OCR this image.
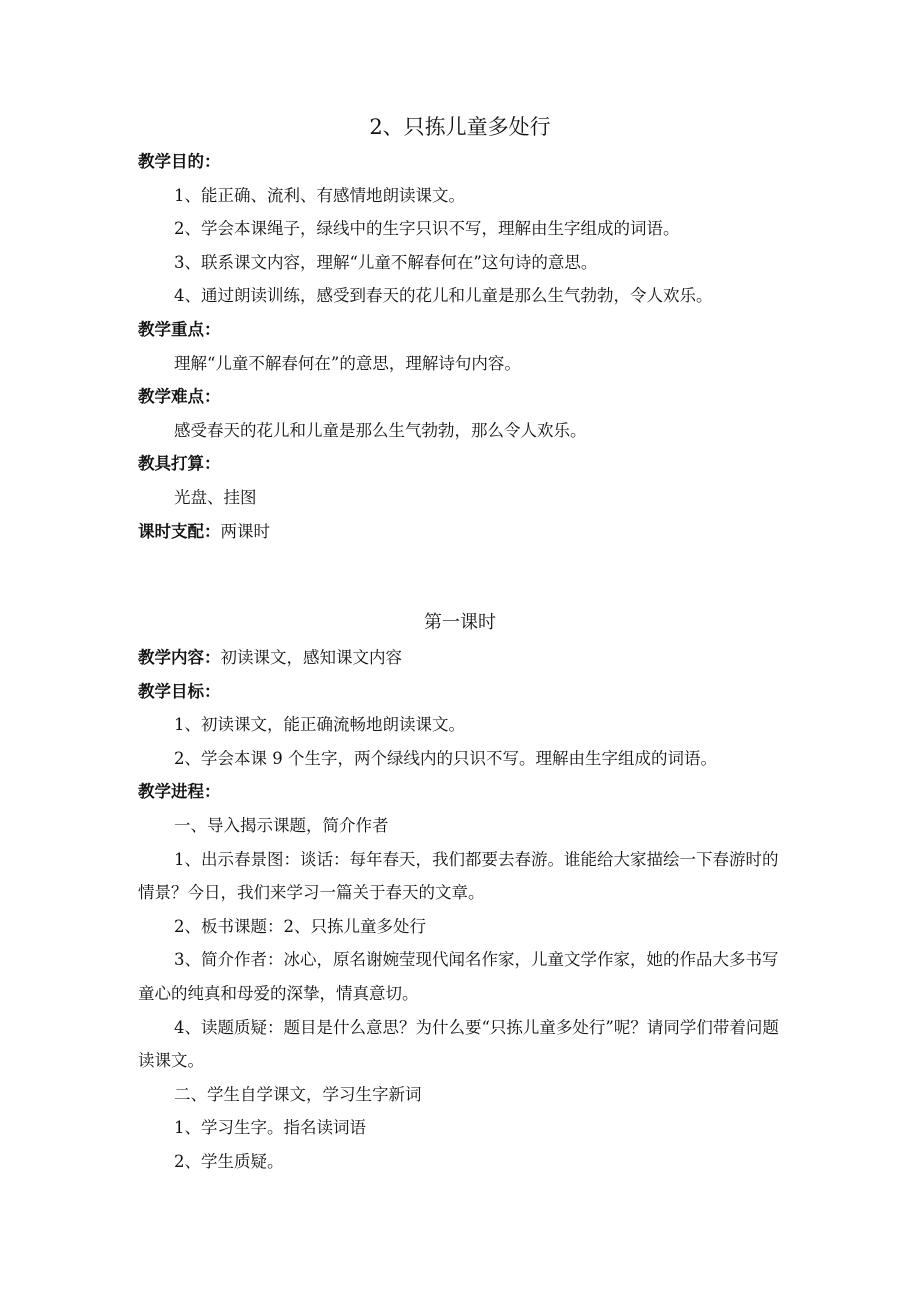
2、只拣儿童多处行
教学目的：
1、能正确、流利、有感情地朗读课文。
2、学会本课绳子，绿线中的生字只识不写，理解由生字组成的词语。
3、联系课文内容，理解“儿童不解春何在”这句诗的意思。
4、通过朗读训练，感受到春天的花儿和儿童是那么生气勃勃，令人欢乐。
教学重点：
理解“儿童不解春何在”的意思，理解诗句内容。
教学难点：
感受春天的花儿和儿童是那么生气勃勃，那么令人欢乐。
教具打算：
光盘、挂图
课时支配：两课时
第一课时
教学内容：初读课文，感知课文内容
教学目标：
1、初读课文，能正确流畅地朗读课文。
2、学会本课 9 个生字，两个绿线内的只识不写。理解由生字组成的词语。
教学进程：
一、导入揭示课题，简介作者
1、出示春景图：谈话：每年春天，我们都要去春游。谁能给大家描绘一下春游时的情景？今日，我们来学习一篇关于春天的文章。
2、板书课题：2、只拣儿童多处行
3、简介作者：冰心，原名谢婉莹现代闻名作家，儿童文学作家，她的作品大多书写童心的纯真和母爱的深挚，情真意切。
4、读题质疑：题目是什么意思？为什么要“只拣儿童多处行”呢？请同学们带着问题读课文。
二、学生自学课文，学习生字新词
1、学习生字。指名读词语
2、学生质疑。
